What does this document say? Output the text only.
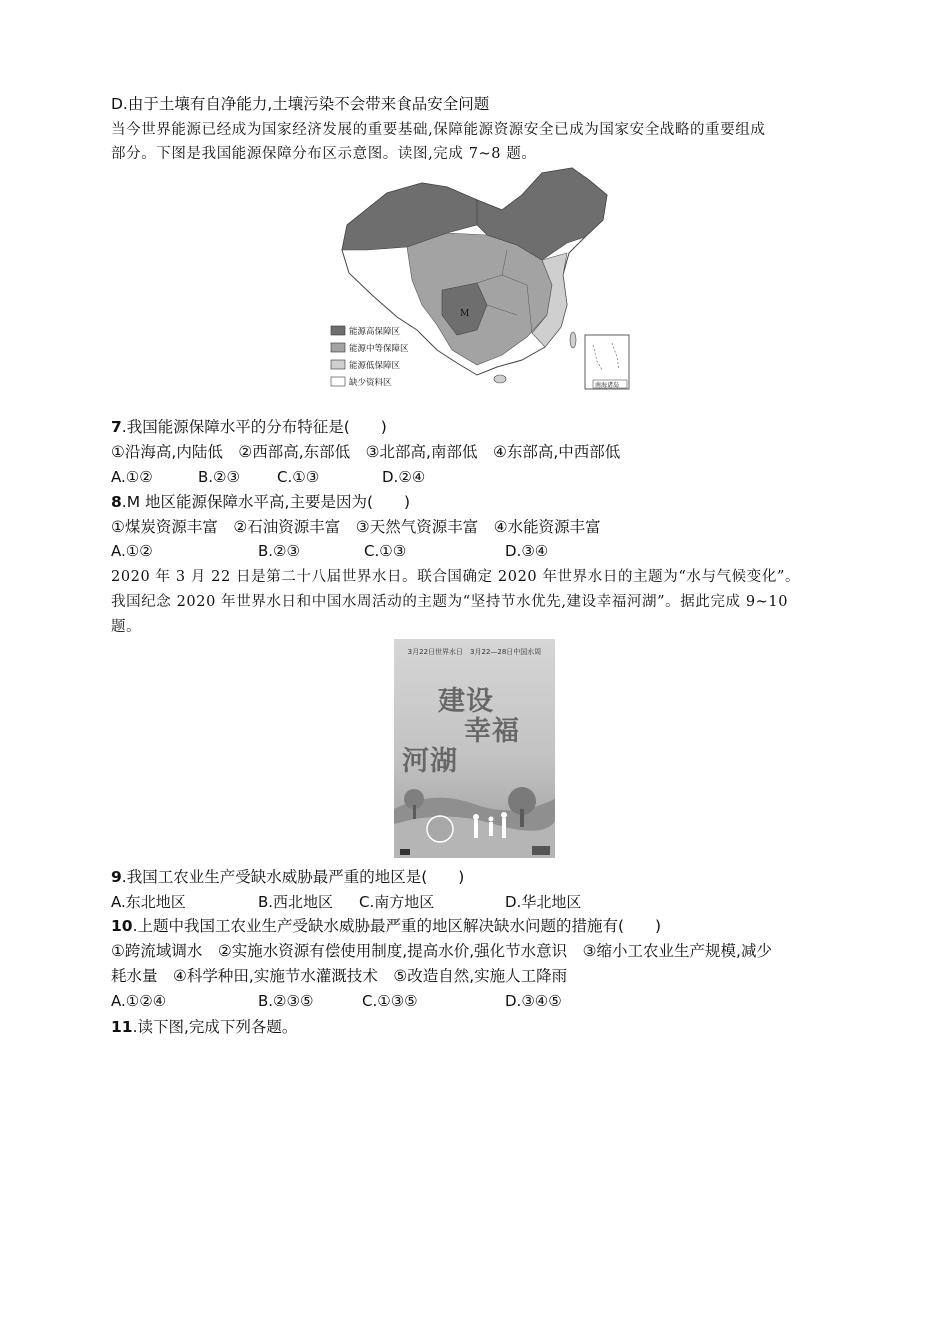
D.由于土壤有自净能力,土壤污染不会带来食品安全问题
当今世界能源已经成为国家经济发展的重要基础,保障能源资源安全已成为国家安全战略的重要组成
部分。下图是我国能源保障分布区示意图。读图,完成 7~8 题。
M
能源高保障区
能源中等保障区
能源低保障区
缺少资料区	南海诸岛
7.我国能源保障水平的分布特征是(　　)
①沿海高,内陆低　②西部高,东部低　③北部高,南部低　④东部高,中西部低
A.①②	B.②③ C.①③	D.②④
8.M 地区能源保障水平高,主要是因为(　　)
①煤炭资源丰富　②石油资源丰富　③天然气资源丰富　④水能资源丰富
A.①②	B.②③	C.①③	D.③④
2020 年 3 月 22 日是第二十八届世界水日。联合国确定 2020 年世界水日的主题为“水与气候变化”。
我国纪念 2020 年世界水日和中国水周活动的主题为“坚持节水优先,建设幸福河湖”。据此完成 9~10
题。
3月22日世界水日　3月22—28日中国水周
建设
幸福
河湖
9.我国工农业生产受缺水威胁最严重的地区是(　　)
A.东北地区	B.西北地区 C.南方地区	D.华北地区
10.上题中我国工农业生产受缺水威胁最严重的地区解决缺水问题的措施有(　　)
①跨流域调水　②实施水资源有偿使用制度,提高水价,强化节水意识　③缩小工农业生产规模,减少
耗水量　④科学种田,实施节水灌溉技术　⑤改造自然,实施人工降雨
A.①②④	B.②③⑤	C.①③⑤	D.③④⑤
11.读下图,完成下列各题。
